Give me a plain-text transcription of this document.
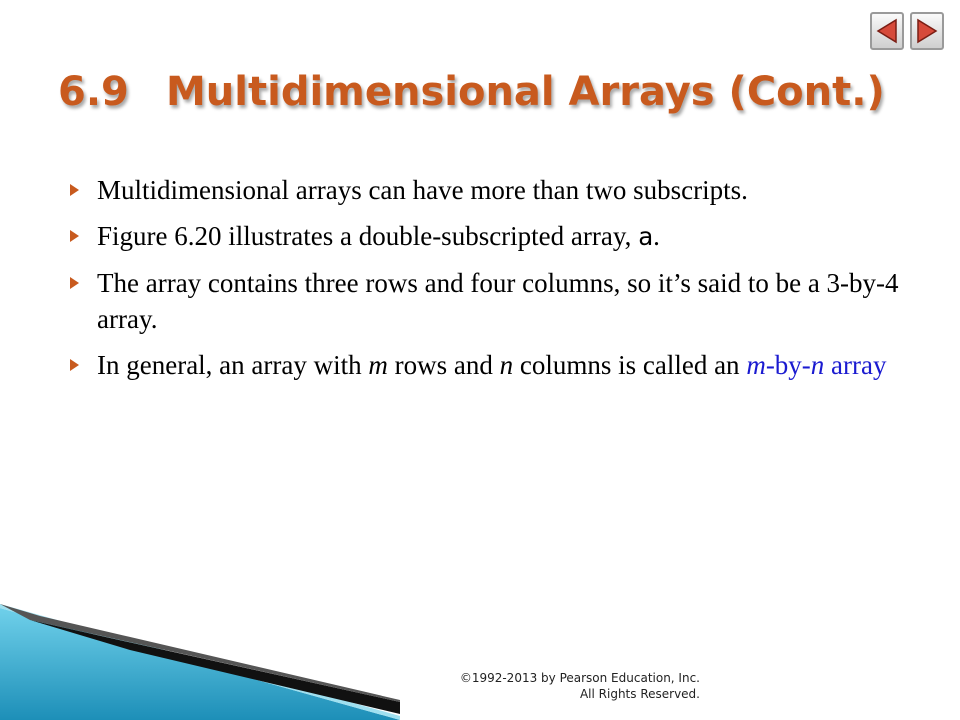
6.9 Multidimensional Arrays (Cont.)
Multidimensional arrays can have more than two subscripts.
Figure 6.20 illustrates a double-subscripted array, a.
The array contains three rows and four columns, so it’s said to be a 3-by-4 array.
In general, an array with m rows and n columns is called an m-by-n array
©1992-2013 by Pearson Education, Inc.
All Rights Reserved.
